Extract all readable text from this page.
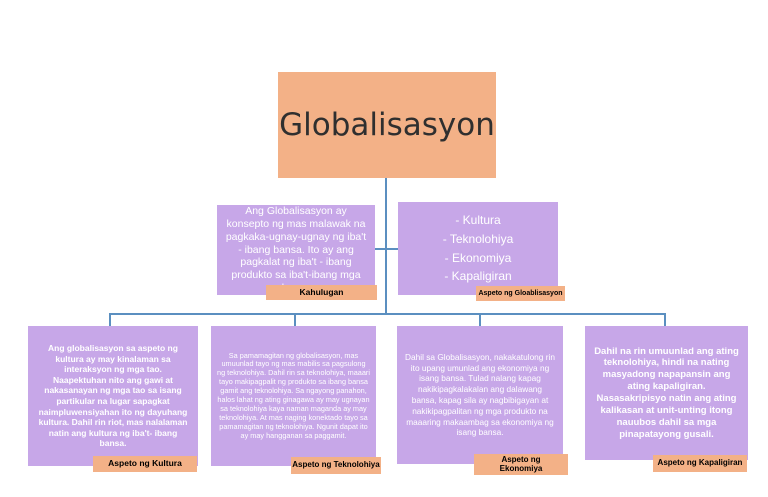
Globalisasyon
Ang Globalisasyon ay konsepto ng mas malawak na pagkaka-ugnay-ugnay ng iba't - ibang bansa. Ito ay ang pagkalat ng iba't - ibang produkto sa iba't-ibang mga
Kahulugan
- Kultura
- Teknolohiya
- Ekonomiya
- Kapaligiran
Aspeto ng Gloablisasyon
Ang globalisasyon sa aspeto ng kultura ay may kinalaman sa interaksyon ng mga tao. Naapektuhan nito ang gawi at nakasanayan ng mga tao sa isang partikular na lugar sapagkat naimpluwensiyahan ito ng dayuhang kultura. Dahil rin riot, mas nalalaman natin ang kultura ng iba't- ibang bansa.
Aspeto ng Kultura
Sa pamamagitan ng globalisasyon, mas umuunlad tayo ng mas mabilis sa pagsulong ng teknolohiya. Dahil rin sa teknolohiya, maaari tayo makipagpalit ng produkto sa ibang bansa gamit ang teknolohiya. Sa ngayong panahon, halos lahat ng ating ginagawa ay may ugnayan sa teknolohiya kaya naman maganda ay may teknolohiya. At mas naging konektado tayo sa pamamagitan ng teknolohiya. Ngunit dapat ito ay may hangganan sa paggamit.
Aspeto ng Teknolohiya
Dahil sa Globalisasyon, nakakatulong rin ito upang umunlad ang ekonomiya ng isang bansa. Tulad nalang kapag nakikipagkalakalan ang dalawang bansa, kapag sila ay nagbibigayan at nakikipagpalitan ng mga produkto na maaaring makaambag sa ekonomiya ng isang bansa.
Aspeto ng Ekonomiya
Dahil na rin umuunlad ang ating teknolohiya, hindi na nating masyadong napapansin ang ating kapaligiran. Nasasakripisyo natin ang ating kalikasan at unit-unting itong nauubos dahil sa mga pinapatayong gusali.
Aspeto ng Kapaligiran
